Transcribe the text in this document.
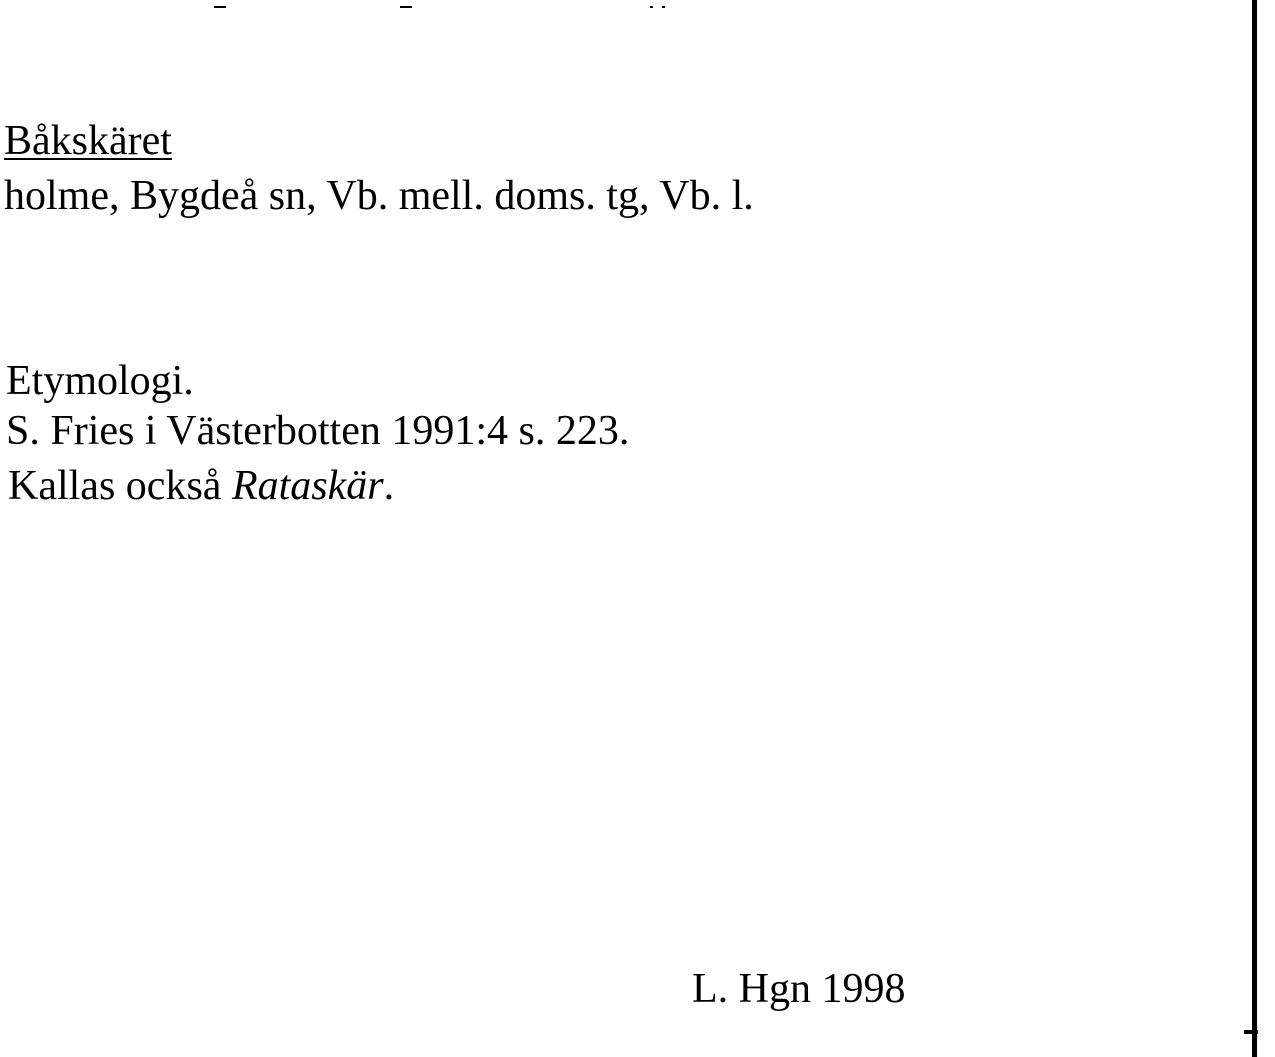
Båkskäret
holme, Bygdeå sn, Vb. mell. doms. tg, Vb. l.
Etymologi.
S. Fries i Västerbotten 1991:4 s. 223.
Kallas också Rataskär.
L. Hgn 1998
